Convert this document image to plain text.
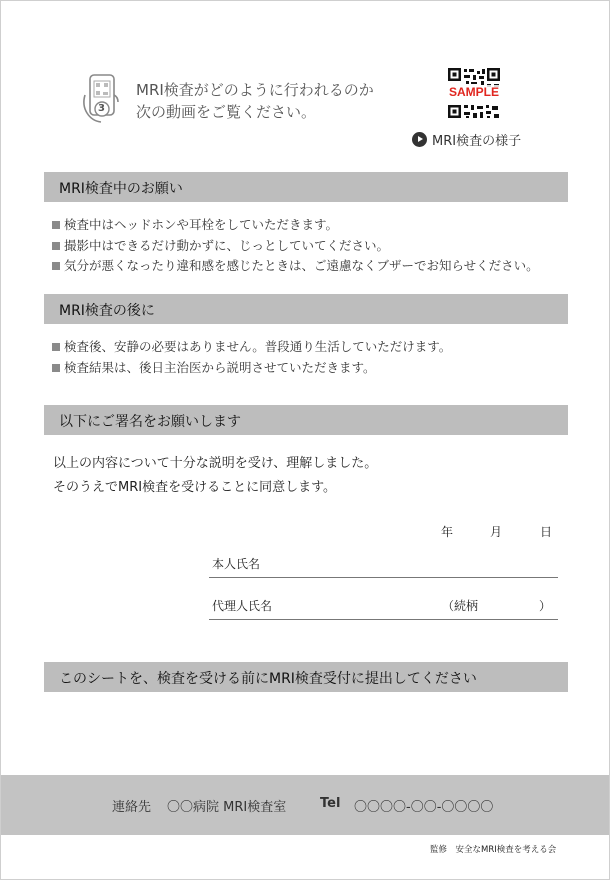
3
MRI検査がどのように行われるのか
次の動画をご覧ください。
SAMPLE
MRI検査の様子
MRI検査中のお願い
検査中はヘッドホンや耳栓をしていただきます。
撮影中はできるだけ動かずに、じっとしていてください。
気分が悪くなったり違和感を感じたときは、ご遠慮なくブザーでお知らせください。
MRI検査の後に
検査後、安静の必要はありません。普段通り生活していただけます。
検査結果は、後日主治医から説明させていただきます。
以下にご署名をお願いします
以上の内容について十分な説明を受け、理解しました。
そのうえでMRI検査を受けることに同意します。
年	月	日
本人氏名
代理人氏名	（続柄	）
このシートを、検査を受ける前にMRI検査受付に提出してください
連絡先 〇〇病院 MRI検査室	Tel 〇〇〇〇-〇〇-〇〇〇〇
監修　安全なMRI検査を考える会
